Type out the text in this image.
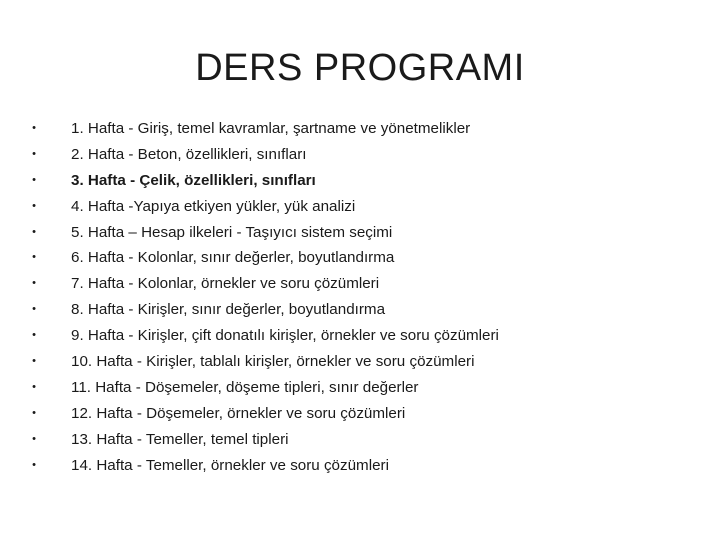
DERS PROGRAMI
• 1. Hafta - Giriş, temel kavramlar, şartname ve yönetmelikler
• 2. Hafta - Beton, özellikleri, sınıfları
• 3. Hafta - Çelik, özellikleri, sınıfları
• 4. Hafta -Yapıya etkiyen yükler, yük analizi
• 5. Hafta – Hesap ilkeleri - Taşıyıcı sistem seçimi
• 6. Hafta - Kolonlar, sınır değerler, boyutlandırma
• 7. Hafta - Kolonlar, örnekler ve soru çözümleri
• 8. Hafta - Kirişler, sınır değerler, boyutlandırma
• 9. Hafta - Kirişler, çift donatılı kirişler, örnekler ve soru çözümleri
• 10. Hafta - Kirişler, tablalı kirişler, örnekler ve soru çözümleri
• 11. Hafta - Döşemeler, döşeme tipleri, sınır değerler
• 12. Hafta - Döşemeler, örnekler ve soru çözümleri
• 13. Hafta - Temeller, temel tipleri
• 14. Hafta - Temeller, örnekler ve soru çözümleri
